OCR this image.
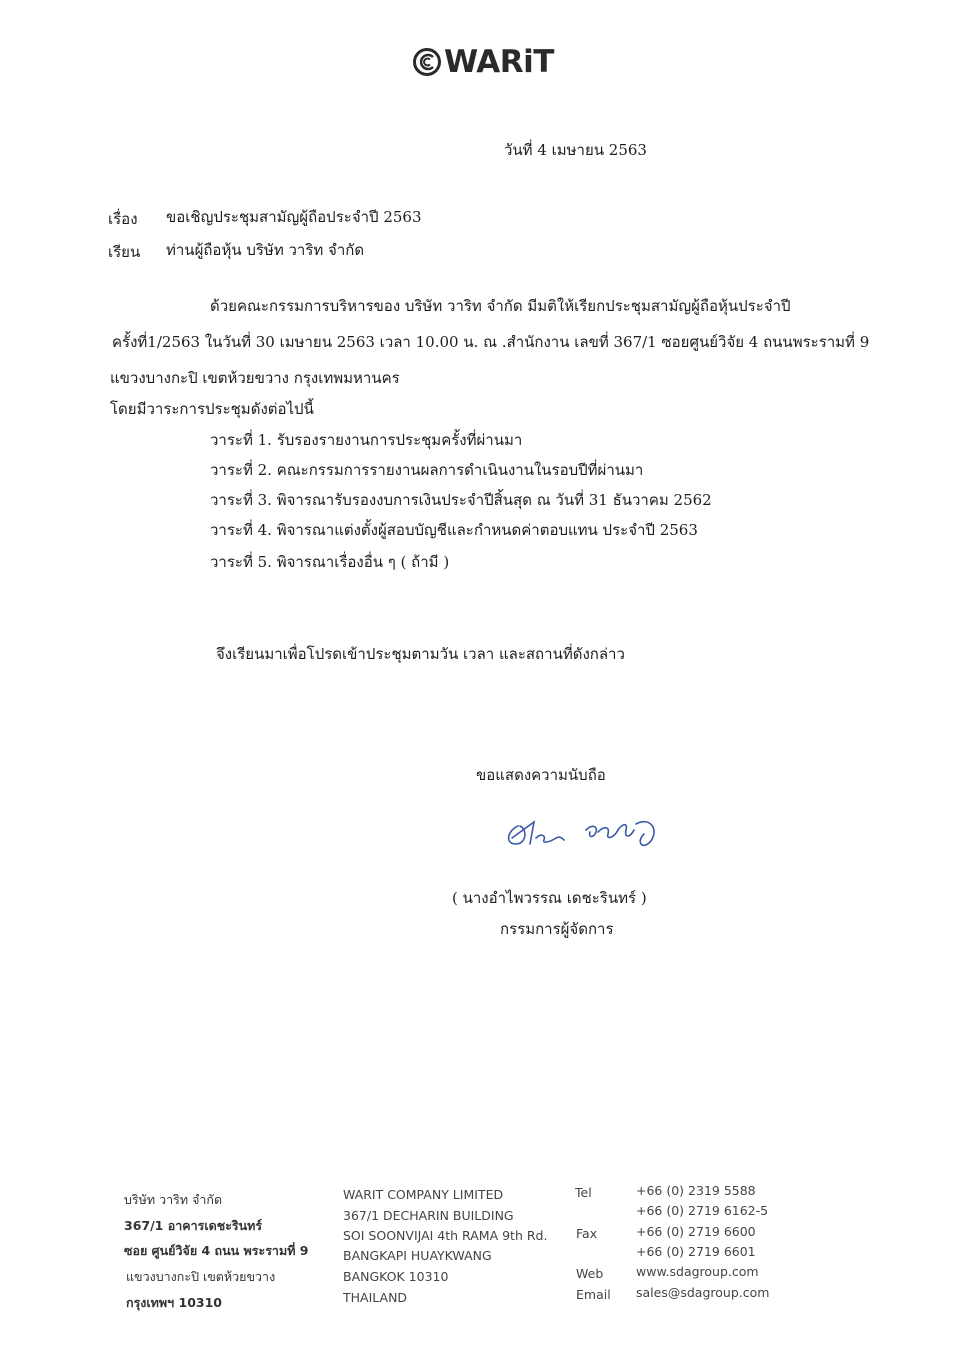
WARiT
วันที่ 4 เมษายน 2563
เรื่อง ขอเชิญประชุมสามัญผู้ถือประจำปี 2563
เรียน ท่านผู้ถือหุ้น บริษัท วาริท จำกัด
ด้วยคณะกรรมการบริหารของ บริษัท วาริท จำกัด มีมติให้เรียกประชุมสามัญผู้ถือหุ้นประจำปี
ครั้งที่1/2563 ในวันที่ 30 เมษายน 2563 เวลา 10.00 น. ณ .สำนักงาน เลขที่ 367/1 ซอยศูนย์วิจัย 4 ถนนพระรามที่ 9
แขวงบางกะปิ เขตห้วยขวาง กรุงเทพมหานคร
โดยมีวาระการประชุมดังต่อไปนี้
วาระที่ 1. รับรองรายงานการประชุมครั้งที่ผ่านมา
วาระที่ 2. คณะกรรมการรายงานผลการดำเนินงานในรอบปีที่ผ่านมา
วาระที่ 3. พิจารณารับรองงบการเงินประจำปีสิ้นสุด ณ วันที่ 31 ธันวาคม 2562
วาระที่ 4. พิจารณาแต่งตั้งผู้สอบบัญชีและกำหนดค่าตอบแทน ประจำปี 2563
วาระที่ 5. พิจารณาเรื่องอื่น ๆ ( ถ้ามี )
จึงเรียนมาเพื่อโปรดเข้าประชุมตามวัน เวลา และสถานที่ดังกล่าว
ขอแสดงความนับถือ
( นางอำไพวรรณ เดชะรินทร์ )
กรรมการผู้จัดการ
บริษัท วาริท จำกัด
367/1 อาคารเดชะรินทร์
ซอย ศูนย์วิจัย 4 ถนน พระรามที่ 9
แขวงบางกะปิ เขตห้วยขวาง
กรุงเทพฯ 10310
WARIT COMPANY LIMITED
367/1 DECHARIN BUILDING
SOI SOONVIJAI 4th RAMA 9th Rd.
BANGKAPI HUAYKWANG
BANGKOK 10310
THAILAND
Tel
Fax
Web
Email
+66 (0) 2319 5588
+66 (0) 2719 6162-5
+66 (0) 2719 6600
+66 (0) 2719 6601
www.sdagroup.com
sales@sdagroup.com
